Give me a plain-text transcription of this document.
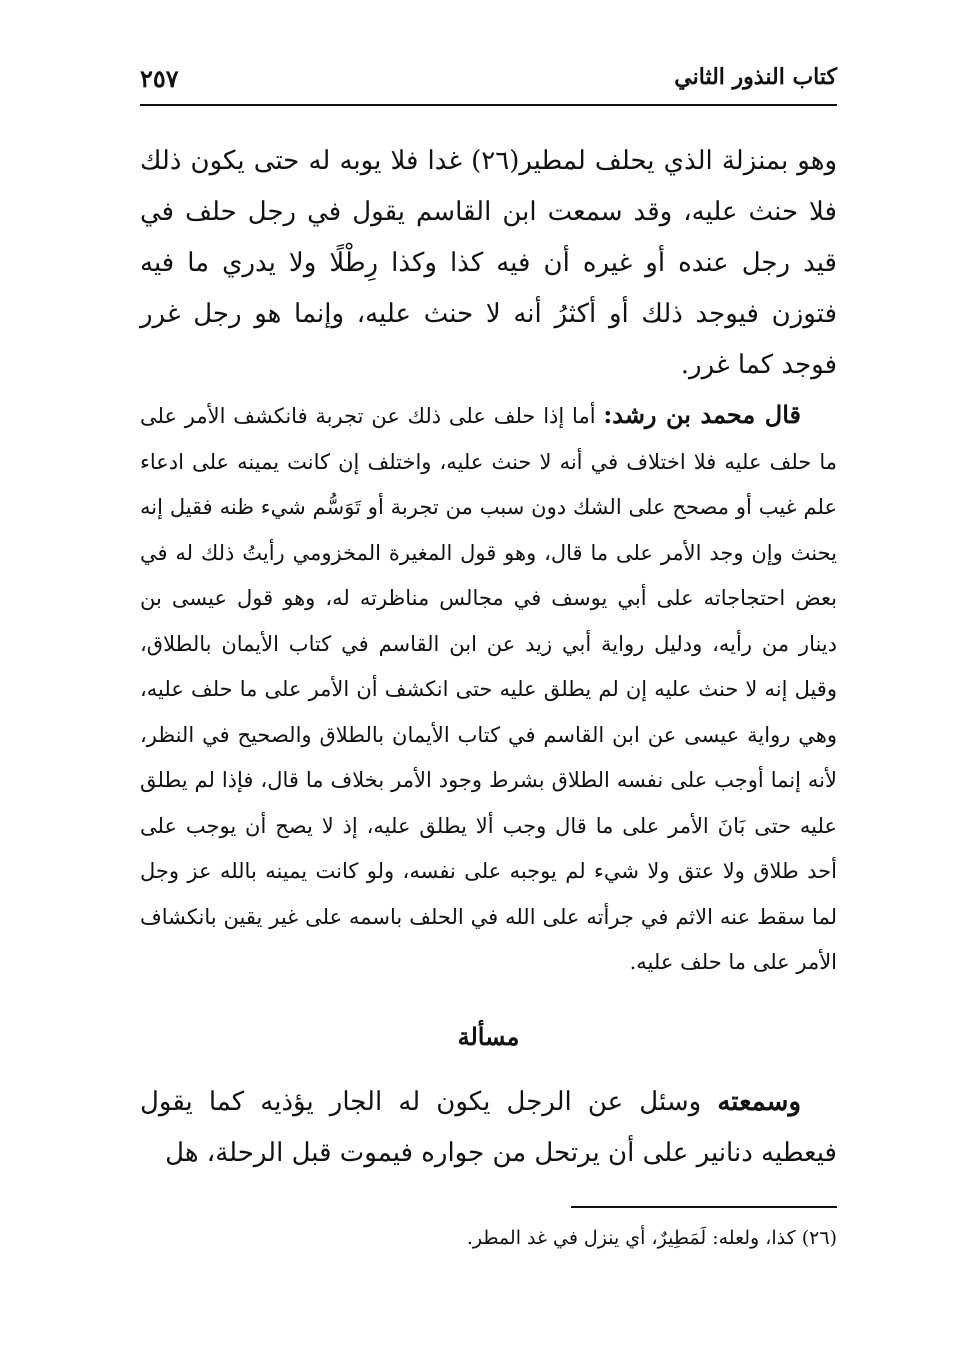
كتاب النذور الثاني
٢٥٧

وهو بمنزلة الذي يحلف لمطير(٢٦) غدا فلا يوبه له حتى يكون ذلك فلا حنث عليه، وقد سمعت ابن القاسم يقول في رجل حلف في قيد رجل عنده أو غيره أن فيه كذا وكذا رِطْلًا ولا يدري ما فيه فتوزن فيوجد ذلك أو أكثرُ أنه لا حنث عليه، وإنما هو رجل غرر فوجد كما غرر.

قال محمد بن رشد: أما إذا حلف على ذلك عن تجربة فانكشف الأمر على ما حلف عليه فلا اختلاف في أنه لا حنث عليه، واختلف إن كانت يمينه على ادعاء علم غيب أو مصحح على الشك دون سبب من تجربة أو تَوَسُّم شيء ظنه فقيل إنه يحنث وإن وجد الأمر على ما قال، وهو قول المغيرة المخزومي رأيتُ ذلك له في بعض احتجاجاته على أبي يوسف في مجالس مناظرته له، وهو قول عيسى بن دينار من رأيه، ودليل رواية أبي زيد عن ابن القاسم في كتاب الأيمان بالطلاق، وقيل إنه لا حنث عليه إن لم يطلق عليه حتى انكشف أن الأمر على ما حلف عليه، وهي رواية عيسى عن ابن القاسم في كتاب الأيمان بالطلاق والصحيح في النظر، لأنه إنما أوجب على نفسه الطلاق بشرط وجود الأمر بخلاف ما قال، فإذا لم يطلق عليه حتى بَانَ الأمر على ما قال وجب ألا يطلق عليه، إذ لا يصح أن يوجب على أحد طلاق ولا عتق ولا شيء لم يوجبه على نفسه، ولو كانت يمينه بالله عز وجل لما سقط عنه الاثم في جرأته على الله في الحلف باسمه على غير يقين بانكشاف الأمر على ما حلف عليه.

مسألة

وسمعته وسئل عن الرجل يكون له الجار يؤذيه كما يقول فيعطيه دنانير على أن يرتحل من جواره فيموت قبل الرحلة، هل

(٢٦) كذا، ولعله: لَمَطِيرٌ، أي ينزل في غد المطر.
